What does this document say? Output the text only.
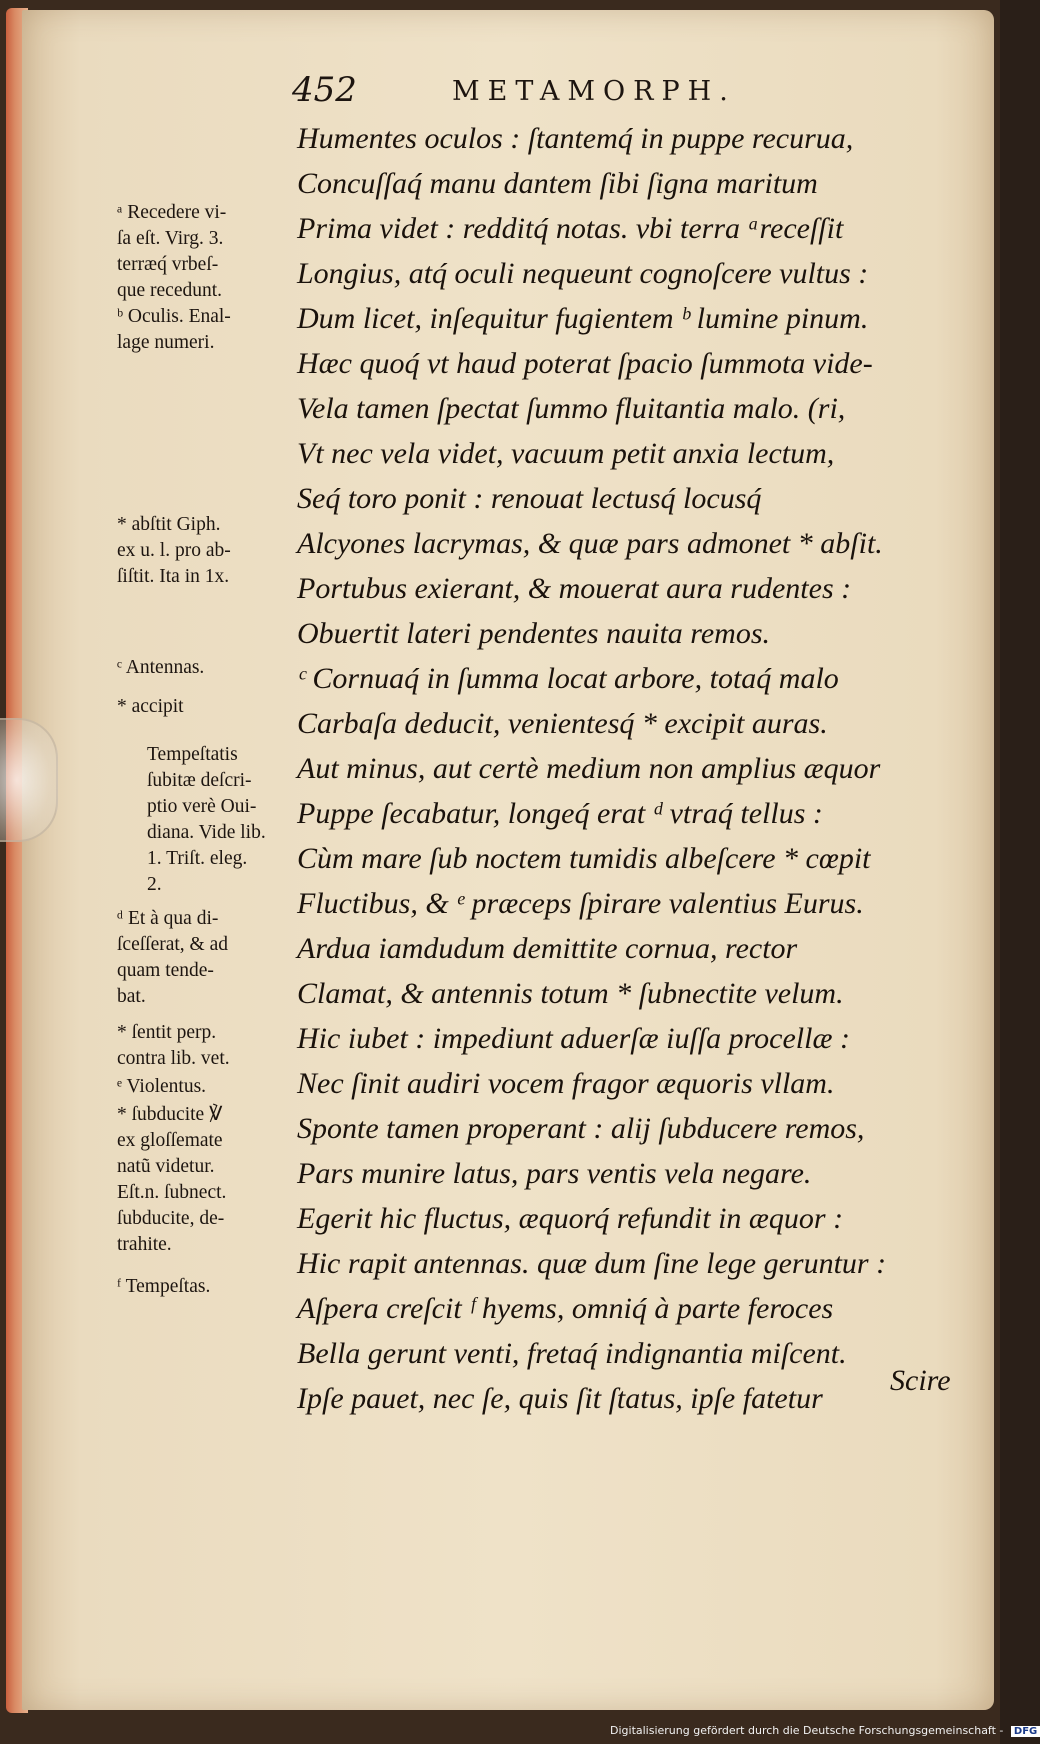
452	METAMORPH.
Humentes oculos : ſtantemq́ in puppe recurua,
Concuſſaq́ manu dantem ſibi ſigna maritum
Prima videt : redditq́ notas. vbi terra ᵃreceſſit
Longius, atq́ oculi nequeunt cognoſcere vultus :
Dum licet, inſequitur fugientem ᵇ lumine pinum.
Hæc quoq́ vt haud poterat ſpacio ſummota vide-
Vela tamen ſpectat ſummo fluitantia malo. (ri,
Vt nec vela videt, vacuum petit anxia lectum,
Seq́ toro ponit : renouat lectusq́ locusq́
Alcyones lacrymas, & quæ pars admonet * abſit.
Portubus exierant, & mouerat aura rudentes :
Obuertit lateri pendentes nauita remos.
ᶜ Cornuaq́ in ſumma locat arbore, totaq́ malo
Carbaſa deducit, venientesq́ * excipit auras.
Aut minus, aut certè medium non amplius æquor
Puppe ſecabatur, longeq́ erat ᵈ vtraq́ tellus :
Cùm mare ſub noctem tumidis albeſcere * cœpit
Fluctibus, & ᵉ præceps ſpirare valentius Eurus.
Ardua iamdudum demittite cornua, rector
Clamat, & antennis totum * ſubnectite velum.
Hic iubet : impediunt aduerſæ iuſſa procellæ :
Nec ſinit audiri vocem fragor æquoris vllam.
Sponte tamen properant : alij ſubducere remos,
Pars munire latus, pars ventis vela negare.
Egerit hic fluctus, æquorq́ refundit in æquor :
Hic rapit antennas. quæ dum ſine lege geruntur :
Aſpera creſcit ᶠ hyems, omniq́ à parte feroces
Bella gerunt venti, fretaq́ indignantia miſcent.
Ipſe pauet, nec ſe, quis ſit ſtatus, ipſe fatetur
Scire
ᵃ Recedere vi-
ſa eſt. Virg. 3.
terræq́ vrbeſ-
que recedunt.
ᵇ Oculis. Enal-
lage numeri.
* abſtit Giph.
ex u. l. pro ab-
ſiſtit. Ita in 1x.
ᶜ Antennas.
* accipit
Tempeſtatis
ſubitæ deſcri-
ptio verè Oui-
diana. Vide lib.
1. Triſt. eleg.
2.
ᵈ Et à qua di-
ſceſſerat, & ad
quam tende-
bat.
* ſentit perp.
contra lib. vet.
ᵉ Violentus.
* ſubducite ℣
ex gloſſemate
natũ videtur.
Eſt.n. ſubnect.
ſubducite, de-
trahite.
ᶠ Tempeſtas.
Digitalisierung gefördert durch die Deutsche Forschungsgemeinschaft - DFG
